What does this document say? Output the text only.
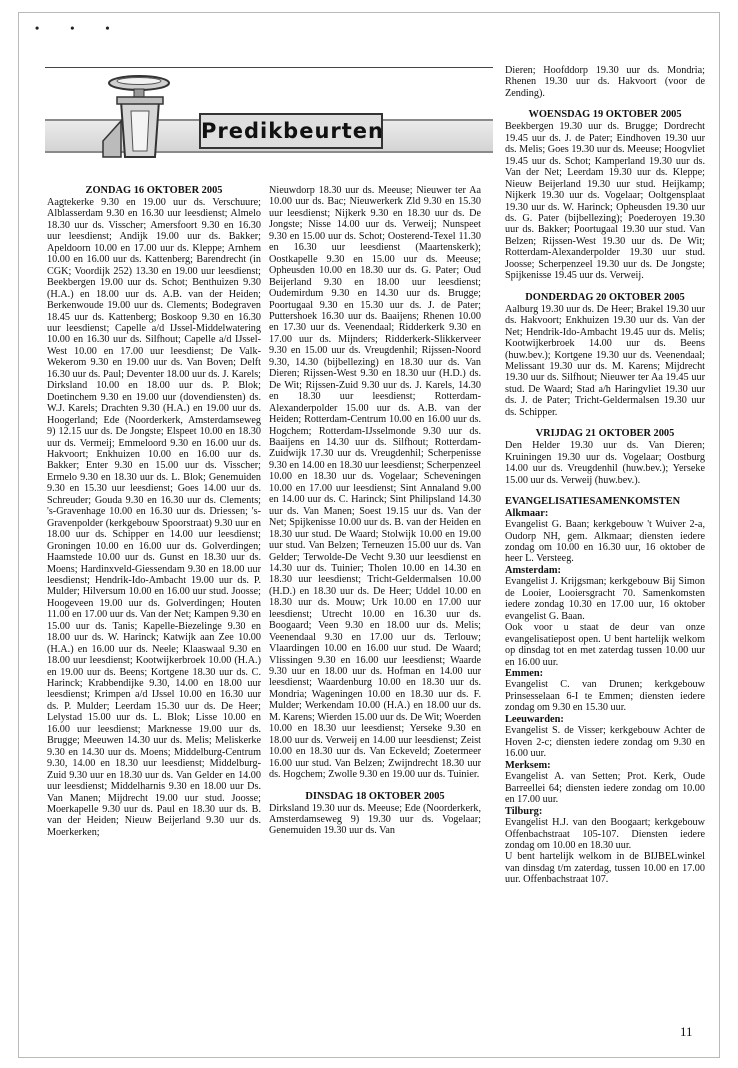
• • •
Predikbeurten
ZONDAG 16 OKTOBER 2005

Aagtekerke 9.30 en 19.00 uur ds. Verschuure; Alblasserdam 9.30 en 16.30 uur leesdienst; Almelo 18.30 uur ds. Visscher; Amersfoort 9.30 en 16.30 uur leesdienst; Andijk 19.00 uur ds. Bakker; Apeldoorn 10.00 en 17.00 uur ds. Kleppe; Arnhem 10.00 en 16.00 uur ds. Kattenberg; Barendrecht (in CGK; Voordijk 252) 13.30 en 19.00 uur leesdienst; Beekbergen 19.00 uur ds. Schot; Benthuizen 9.30 (H.A.) en 18.00 uur ds. A.B. van der Heiden; Berkenwoude 19.00 uur ds. Clements; Bodegraven 18.45 uur ds. Kattenberg; Boskoop 9.30 en 16.30 uur leesdienst; Capelle a/d IJssel-Middelwatering 10.00 en 16.30 uur ds. Silfhout; Capelle a/d IJssel-West 10.00 en 17.00 uur leesdienst; De Valk-Wekerom 9.30 en 19.00 uur ds. Van Boven; Delft 16.30 uur ds. Paul; Deventer 18.00 uur ds. J. Karels; Dirksland 10.00 en 18.00 uur ds. P. Blok; Doetinchem 9.30 en 19.00 uur (dovendiensten) ds. W.J. Karels; Drachten 9.30 (H.A.) en 19.00 uur ds. Hoogerland; Ede (Noorderkerk, Amsterdamseweg 9) 12.15 uur ds. De Jongste; Elspeet 10.00 en 18.30 uur ds. Vermeij; Emmeloord 9.30 en 16.00 uur ds. Hakvoort; Enkhuizen 10.00 en 16.00 uur ds. Bakker; Enter 9.30 en 15.00 uur ds. Visscher; Ermelo 9.30 en 18.30 uur ds. L. Blok; Genemuiden 9.30 en 15.30 uur leesdienst; Goes 14.00 uur ds. Schreuder; Gouda 9.30 en 16.30 uur ds. Clements; 's-Gravenhage 10.00 en 16.30 uur ds. Driessen; 's-Gravenpolder (kerkgebouw Spoorstraat) 9.30 uur en 18.00 uur ds. Schipper en 14.00 uur leesdienst; Groningen 10.00 en 16.00 uur ds. Golverdingen; Haamstede 10.00 uur ds. Gunst en 18.30 uur ds. Moens; Hardinxveld-Giessendam 9.30 en 18.00 uur leesdienst; Hendrik-Ido-Ambacht 19.00 uur ds. P. Mulder; Hilversum 10.00 en 16.00 uur stud. Joosse; Hoogeveen 19.00 uur ds. Golverdingen; Houten 11.00 en 17.00 uur ds. Van der Net; Kampen 9.30 en 15.00 uur ds. Tanis; Kapelle-Biezelinge 9.30 en 18.00 uur ds. W. Harinck; Katwijk aan Zee 10.00 (H.A.) en 16.00 uur ds. Neele; Klaaswaal 9.30 en 18.00 uur leesdienst; Kootwijkerbroek 10.00 (H.A.) en 19.00 uur ds. Beens; Kortgene 18.30 uur ds. C. Harinck; Krabbendijke 9.30, 14.00 en 18.00 uur leesdienst; Krimpen a/d IJssel 10.00 en 16.30 uur ds. P. Mulder; Leerdam 15.30 uur ds. De Heer; Lelystad 15.00 uur ds. L. Blok; Lisse 10.00 en 16.00 uur leesdienst; Marknesse 19.00 uur ds. Brugge; Meeuwen 14.30 uur ds. Melis; Meliskerke 9.30 en 14.30 uur ds. Moens; Middelburg-Centrum 9.30, 14.00 en 18.30 uur leesdienst; Middelburg-Zuid 9.30 uur en 18.30 uur ds. Van Gelder en 14.00 uur leesdienst; Middelharnis 9.30 en 18.00 uur Ds. Van Manen; Mijdrecht 19.00 uur stud. Joosse; Moerkapelle 9.30 uur ds. Paul en 18.30 uur ds. B. van der Heiden; Nieuw Beijerland 9.30 uur ds. Moerkerken;

Nieuwdorp 18.30 uur ds. Meeuse; Nieuwer ter Aa 10.00 uur ds. Bac; Nieuwerkerk Zld 9.30 en 15.30 uur leesdienst; Nijkerk 9.30 en 18.30 uur ds. De Jongste; Nisse 14.00 uur ds. Verweij; Nunspeet 9.30 en 15.00 uur ds. Schot; Oosterend-Texel 11.30 en 16.30 uur leesdienst (Maartenskerk); Oostkapelle 9.30 en 15.00 uur ds. Meeuse; Opheusden 10.00 en 18.30 uur ds. G. Pater; Oud Beijerland 9.30 en 18.00 uur leesdienst; Oudemirdum 9.30 en 14.30 uur ds. Brugge; Poortugaal 9.30 en 15.30 uur ds. J. de Pater; Puttershoek 16.30 uur ds. Baaijens; Rhenen 10.00 en 17.30 uur ds. Veenendaal; Ridderkerk 9.30 en 17.00 uur ds. Mijnders; Ridderkerk-Slikkerveer 9.30 en 15.00 uur ds. Vreugdenhil; Rijssen-Noord 9.30, 14.30 (bijbellezing) en 18.30 uur ds. Van Dieren; Rijssen-West 9.30 en 18.30 uur (H.D.) ds. De Wit; Rijssen-Zuid 9.30 uur ds. J. Karels, 14.30 en 18.30 uur leesdienst; Rotterdam-Alexanderpolder 15.00 uur ds. A.B. van der Heiden; Rotterdam-Centrum 10.00 en 16.00 uur ds. Hogchem; Rotterdam-IJsselmonde 9.30 uur ds. Baaijens en 14.30 uur ds. Silfhout; Rotterdam-Zuidwijk 17.30 uur ds. Vreugdenhil; Scherpenisse 9.30 en 14.00 en 18.30 uur leesdienst; Scherpenzeel 10.00 en 18.30 uur ds. Vogelaar; Scheveningen 10.00 en 17.00 uur leesdienst; Sint Annaland 9.00 en 14.00 uur ds. C. Harinck; Sint Philipsland 14.30 uur ds. Van Manen; Soest 19.15 uur ds. Van der Net; Spijkenisse 10.00 uur ds. B. van der Heiden en 18.30 uur stud. De Waard; Stolwijk 10.00 en 19.00 uur stud. Van Belzen; Terneuzen 15.00 uur ds. Van Gelder; Terwolde-De Vecht 9.30 uur leesdienst en 14.30 uur ds. Tuinier; Tholen 10.00 en 14.30 en 18.30 uur leesdienst; Tricht-Geldermalsen 10.00 (H.D.) en 18.30 uur ds. De Heer; Uddel 10.00 en 18.30 uur ds. Mouw; Urk 10.00 en 17.00 uur leesdienst; Utrecht 10.00 en 16.30 uur ds. Boogaard; Veen 9.30 en 18.00 uur ds. Melis; Veenendaal 9.30 en 17.00 uur ds. Terlouw; Vlaardingen 10.00 en 16.00 uur stud. De Waard; Vlissingen 9.30 en 16.00 uur leesdienst; Waarde 9.30 uur en 18.00 uur ds. Hofman en 14.00 uur leesdienst; Waardenburg 10.00 en 18.30 uur ds. Mondria; Wageningen 10.00 en 18.30 uur ds. F. Mulder; Werkendam 10.00 (H.A.) en 18.00 uur ds. M. Karens; Wierden 15.00 uur ds. De Wit; Woerden 10.00 en 18.30 uur leesdienst; Yerseke 9.30 en 18.00 uur ds. Verweij en 14.00 uur leesdienst; Zeist 10.00 en 18.30 uur ds. Van Eckeveld; Zoetermeer 16.00 uur stud. Van Belzen; Zwijndrecht 18.30 uur ds. Hogchem; Zwolle 9.30 en 19.00 uur ds. Tuinier.

DINSDAG 18 OKTOBER 2005

Dirksland 19.30 uur ds. Meeuse; Ede (Noorderkerk, Amsterdamseweg 9) 19.30 uur ds. Vogelaar; Genemuiden 19.30 uur ds. Van

Dieren; Hoofddorp 19.30 uur ds. Mondria; Rhenen 19.30 uur ds. Hakvoort (voor de Zending).

WOENSDAG 19 OKTOBER 2005

Beekbergen 19.30 uur ds. Brugge; Dordrecht 19.45 uur ds. J. de Pater; Eindhoven 19.30 uur ds. Melis; Goes 19.30 uur ds. Meeuse; Hoogvliet 19.45 uur ds. Schot; Kamperland 19.30 uur ds. Van der Net; Leerdam 19.30 uur ds. Kleppe; Nieuw Beijerland 19.30 uur stud. Heijkamp; Nijkerk 19.30 uur ds. Vogelaar; Ooltgensplaat 19.30 uur ds. W. Harinck; Opheusden 19.30 uur ds. G. Pater (bijbellezing); Poederoyen 19.30 uur ds. Bakker; Poortugaal 19.30 uur stud. Van Belzen; Rijssen-West 19.30 uur ds. De Wit; Rotterdam-Alexanderpolder 19.30 uur stud. Joosse; Scherpenzeel 19.30 uur ds. De Jongste; Spijkenisse 19.45 uur ds. Verweij.

DONDERDAG 20 OKTOBER 2005

Aalburg 19.30 uur ds. De Heer; Brakel 19.30 uur ds. Hakvoort; Enkhuizen 19.30 uur ds. Van der Net; Hendrik-Ido-Ambacht 19.45 uur ds. Melis; Kootwijkerbroek 14.00 uur ds. Beens (huw.bev.); Kortgene 19.30 uur ds. Veenendaal; Melissant 19.30 uur ds. M. Karens; Mijdrecht 19.30 uur ds. Silfhout; Nieuwer ter Aa 19.45 uur stud. De Waard; Stad a/h Haringvliet 19.30 uur ds. J. de Pater; Tricht-Geldermalsen 19.30 uur ds. Schipper.

VRIJDAG 21 OKTOBER 2005

Den Helder 19.30 uur ds. Van Dieren; Kruiningen 19.30 uur ds. Vogelaar; Oostburg 14.00 uur ds. Vreugdenhil (huw.bev.); Yerseke 15.00 uur ds. Verweij (huw.bev.).

EVANGELISATIESAMENKOMSTEN
Alkmaar:

Evangelist G. Baan; kerkgebouw 't Wuiver 2-a, Oudorp NH, gem. Alkmaar; diensten iedere zondag om 10.00 en 16.30 uur, 16 oktober de heer L. Versteeg.

Amsterdam:

Evangelist J. Krijgsman; kerkgebouw Bij Simon de Looier, Looiersgracht 70. Samenkomsten iedere zondag 10.30 en 17.00 uur, 16 oktober evangelist G. Baan.

Ook voor u staat de deur van onze evangelisatiepost open. U bent hartelijk welkom op dinsdag tot en met zaterdag tussen 10.00 uur en 16.00 uur.

Emmen:

Evangelist C. van Drunen; kerkgebouw Prinsesselaan 6-I te Emmen; diensten iedere zondag om 9.30 en 15.30 uur.

Leeuwarden:

Evangelist S. de Visser; kerkgebouw Achter de Hoven 2-c; diensten iedere zondag om 9.30 en 16.00 uur.

Merksem:

Evangelist A. van Setten; Prot. Kerk, Oude Barreellei 64; diensten iedere zondag om 10.00 en 17.00 uur.

Tilburg:

Evangelist H.J. van den Boogaart; kerkgebouw Offenbachstraat 105-107. Diensten iedere zondag om 10.00 en 18.30 uur.

U bent hartelijk welkom in de BIJBELwinkel van dinsdag t/m zaterdag, tussen 10.00 en 17.00 uur. Offenbachstraat 107.

11
